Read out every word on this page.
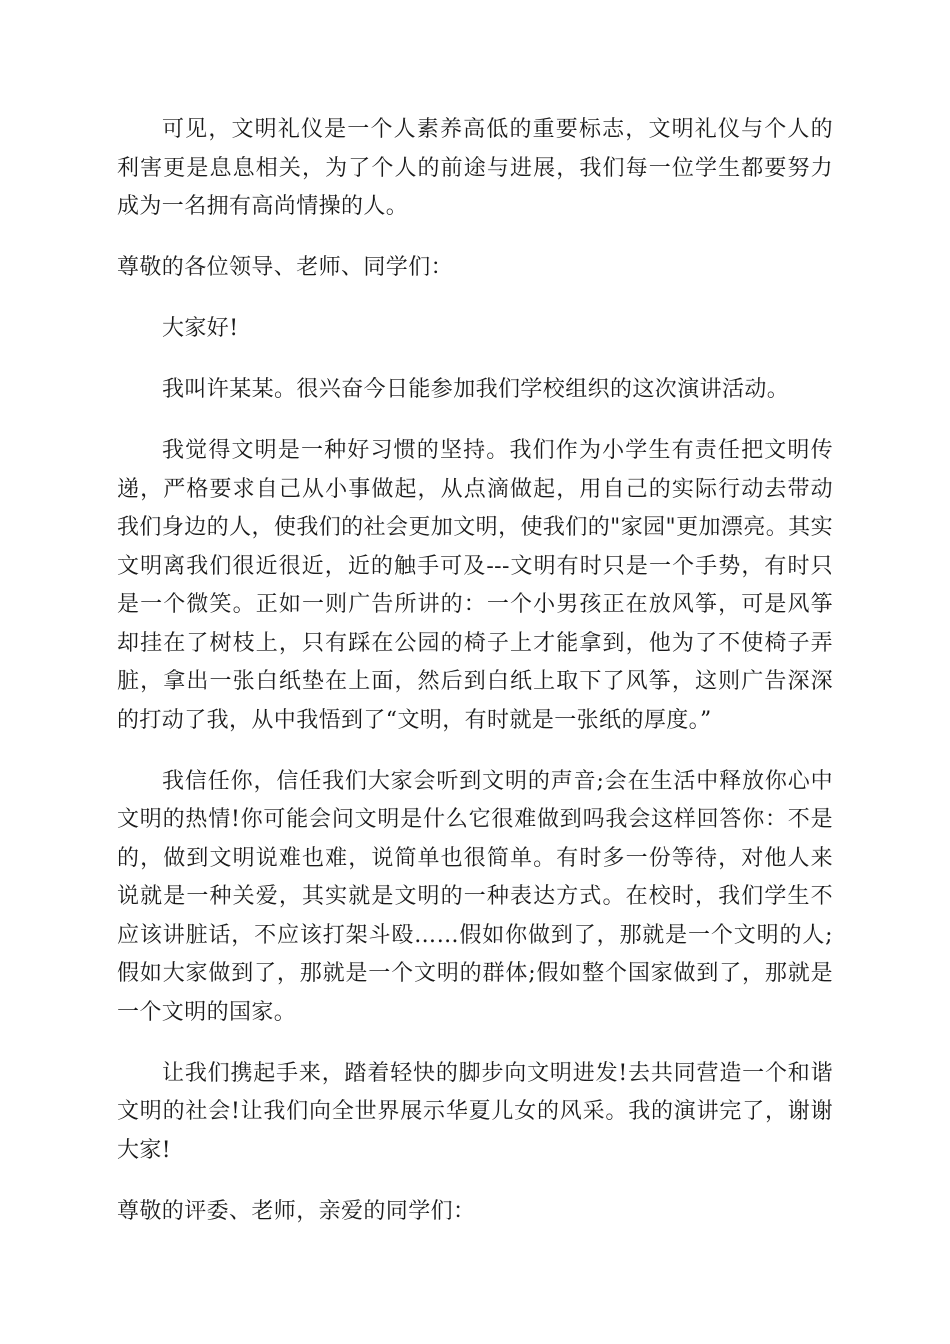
可见，文明礼仪是一个人素养高低的重要标志，文明礼仪与个人的利害更是息息相关，为了个人的前途与进展，我们每一位学生都要努力成为一名拥有高尚情操的人。

尊敬的各位领导、老师、同学们：

大家好!

我叫许某某。很兴奋今日能参加我们学校组织的这次演讲活动。

我觉得文明是一种好习惯的坚持。我们作为小学生有责任把文明传递，严格要求自己从小事做起，从点滴做起，用自己的实际行动去带动我们身边的人，使我们的社会更加文明，使我们的"家园"更加漂亮。其实文明离我们很近很近，近的触手可及---文明有时只是一个手势，有时只是一个微笑。正如一则广告所讲的：一个小男孩正在放风筝，可是风筝却挂在了树枝上，只有踩在公园的椅子上才能拿到，他为了不使椅子弄脏，拿出一张白纸垫在上面，然后到白纸上取下了风筝，这则广告深深的打动了我，从中我悟到了“文明，有时就是一张纸的厚度。”

我信任你，信任我们大家会听到文明的声音;会在生活中释放你心中文明的热情!你可能会问文明是什么它很难做到吗我会这样回答你：不是的，做到文明说难也难，说简单也很简单。有时多一份等待，对他人来说就是一种关爱，其实就是文明的一种表达方式。在校时，我们学生不应该讲脏话，不应该打架斗殴……假如你做到了，那就是一个文明的人;假如大家做到了，那就是一个文明的群体;假如整个国家做到了，那就是一个文明的国家。

让我们携起手来，踏着轻快的脚步向文明进发!去共同营造一个和谐文明的社会!让我们向全世界展示华夏儿女的风采。我的演讲完了，谢谢大家!

尊敬的评委、老师，亲爱的同学们：
